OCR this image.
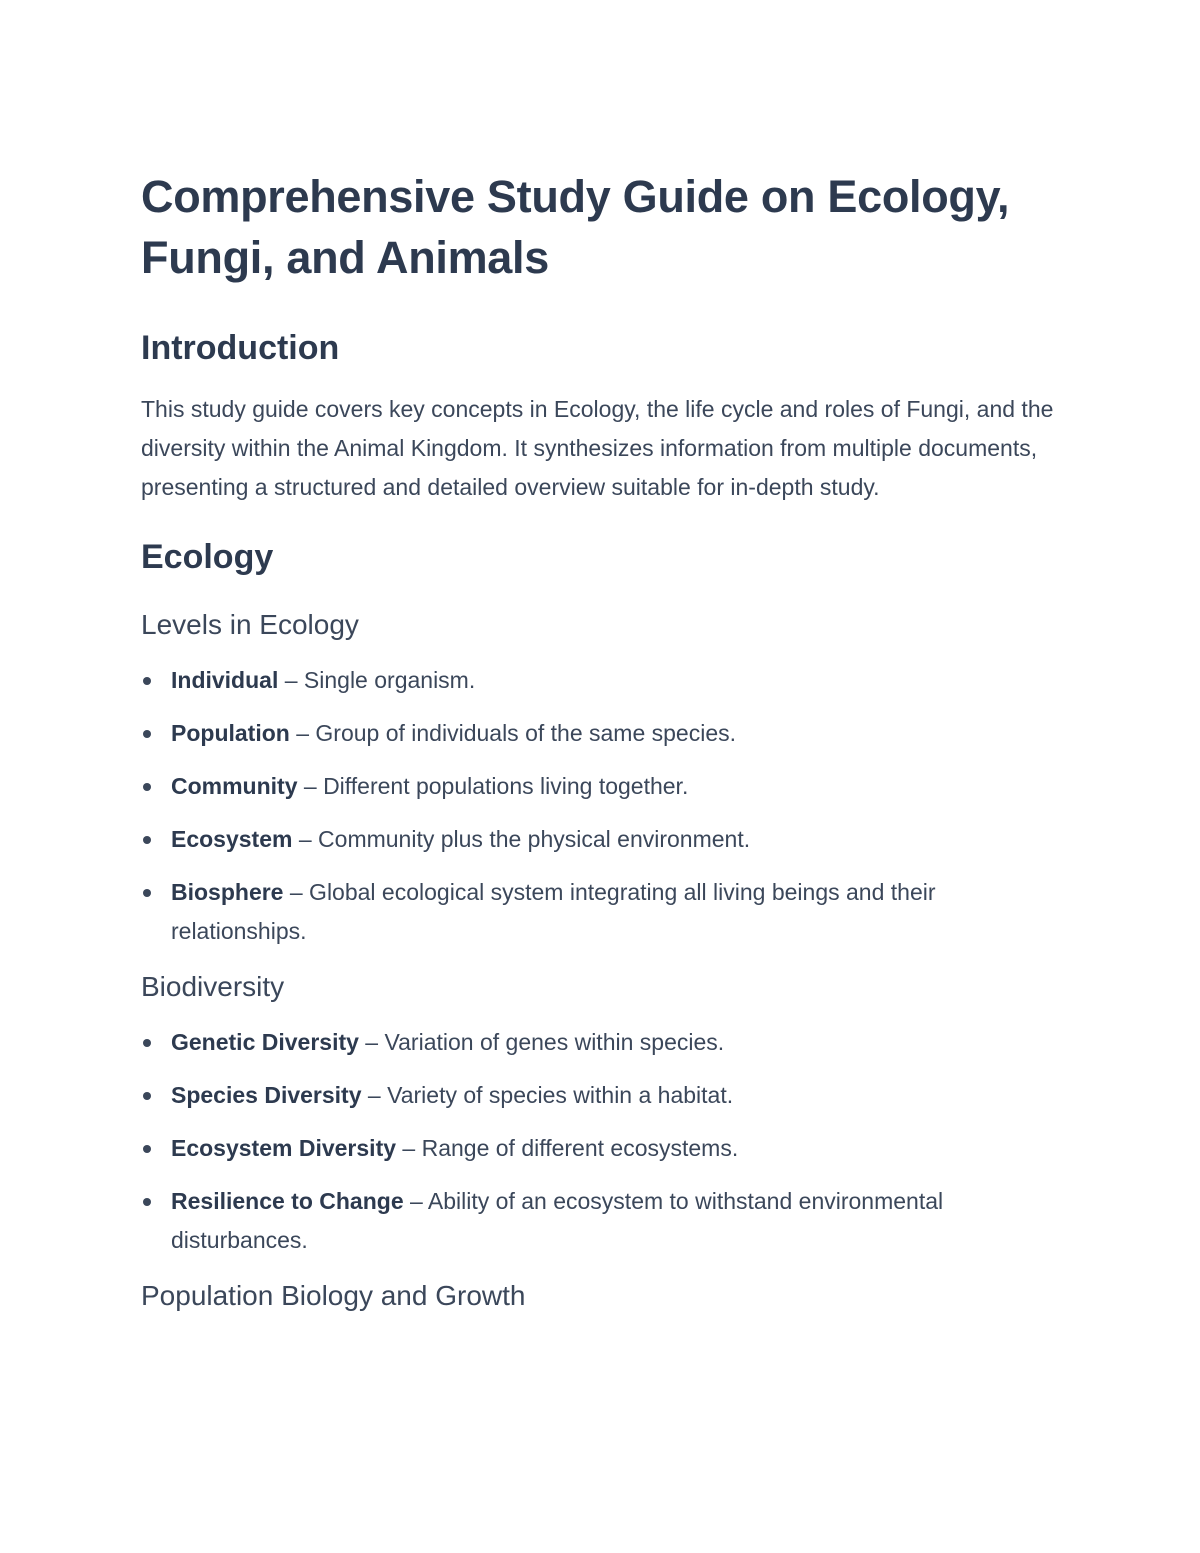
Comprehensive Study Guide on Ecology, Fungi, and Animals
Introduction

This study guide covers key concepts in Ecology, the life cycle and roles of Fungi, and the diversity within the Animal Kingdom. It synthesizes information from multiple documents, presenting a structured and detailed overview suitable for in-depth study.

Ecology
Levels in Ecology
Individual – Single organism.
Population – Group of individuals of the same species.
Community – Different populations living together.
Ecosystem – Community plus the physical environment.
Biosphere – Global ecological system integrating all living beings and their relationships.
Biodiversity
Genetic Diversity – Variation of genes within species.
Species Diversity – Variety of species within a habitat.
Ecosystem Diversity – Range of different ecosystems.
Resilience to Change – Ability of an ecosystem to withstand environmental disturbances.
Population Biology and Growth
